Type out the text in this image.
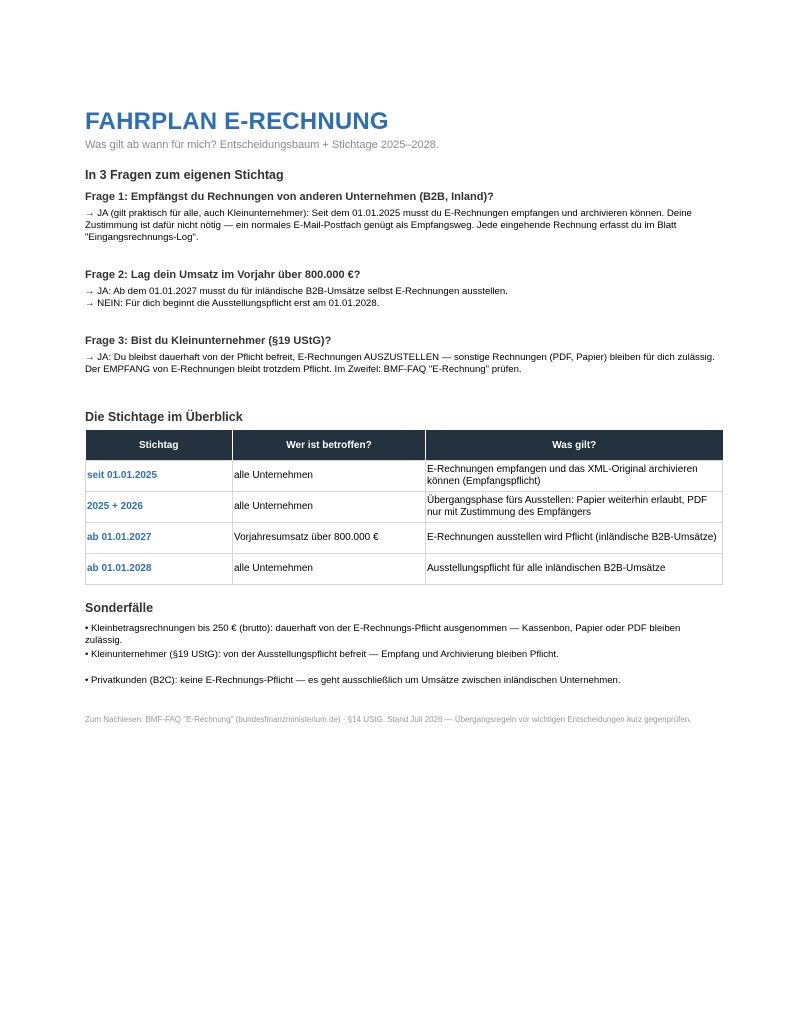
FAHRPLAN E-RECHNUNG
Was gilt ab wann für mich? Entscheidungsbaum + Stichtage 2025–2028.
In 3 Fragen zum eigenen Stichtag
Frage 1: Empfängst du Rechnungen von anderen Unternehmen (B2B, Inland)?

→ JA (gilt praktisch für alle, auch Kleinunternehmer): Seit dem 01.01.2025 musst du E-Rechnungen empfangen und archivieren können. Deine Zustimmung ist dafür nicht nötig — ein normales E-Mail-Postfach genügt als Empfangsweg. Jede eingehende Rechnung erfasst du im Blatt "Eingangsrechnungs-Log".

Frage 2: Lag dein Umsatz im Vorjahr über 800.000 €?

→ JA: Ab dem 01.01.2027 musst du für inländische B2B-Umsätze selbst E-Rechnungen ausstellen.

→ NEIN: Für dich beginnt die Ausstellungspflicht erst am 01.01.2028.

Frage 3: Bist du Kleinunternehmer (§19 UStG)?

→ JA: Du bleibst dauerhaft von der Pflicht befreit, E-Rechnungen AUSZUSTELLEN — sonstige Rechnungen (PDF, Papier) bleiben für dich zulässig. Der EMPFANG von E-Rechnungen bleibt trotzdem Pflicht. Im Zweifel: BMF-FAQ "E-Rechnung" prüfen.

Die Stichtage im Überblick
Stichtag	Wer ist betroffen?	Was gilt?
seit 01.01.2025	alle Unternehmen	E-Rechnungen empfangen und das XML-Original archivieren können (Empfangspflicht)
2025 + 2026	alle Unternehmen	Übergangsphase fürs Ausstellen: Papier weiterhin erlaubt, PDF nur mit Zustimmung des Empfängers
ab 01.01.2027	Vorjahresumsatz über 800.000 €	E-Rechnungen ausstellen wird Pflicht (inländische B2B-Umsätze)
ab 01.01.2028	alle Unternehmen	Ausstellungspflicht für alle inländischen B2B-Umsätze
Sonderfälle

• Kleinbetragsrechnungen bis 250 € (brutto): dauerhaft von der E-Rechnungs-Pflicht ausgenommen — Kassenbon, Papier oder PDF bleiben zulässig.

• Kleinunternehmer (§19 UStG): von der Ausstellungspflicht befreit — Empfang und Archivierung bleiben Pflicht.

• Privatkunden (B2C): keine E-Rechnungs-Pflicht — es geht ausschließlich um Umsätze zwischen inländischen Unternehmen.

Zum Nachlesen: BMF-FAQ "E-Rechnung" (bundesfinanzministerium.de) · §14 UStG. Stand Juli 2026 — Übergangsregeln vor wichtigen Entscheidungen kurz gegenprüfen.
